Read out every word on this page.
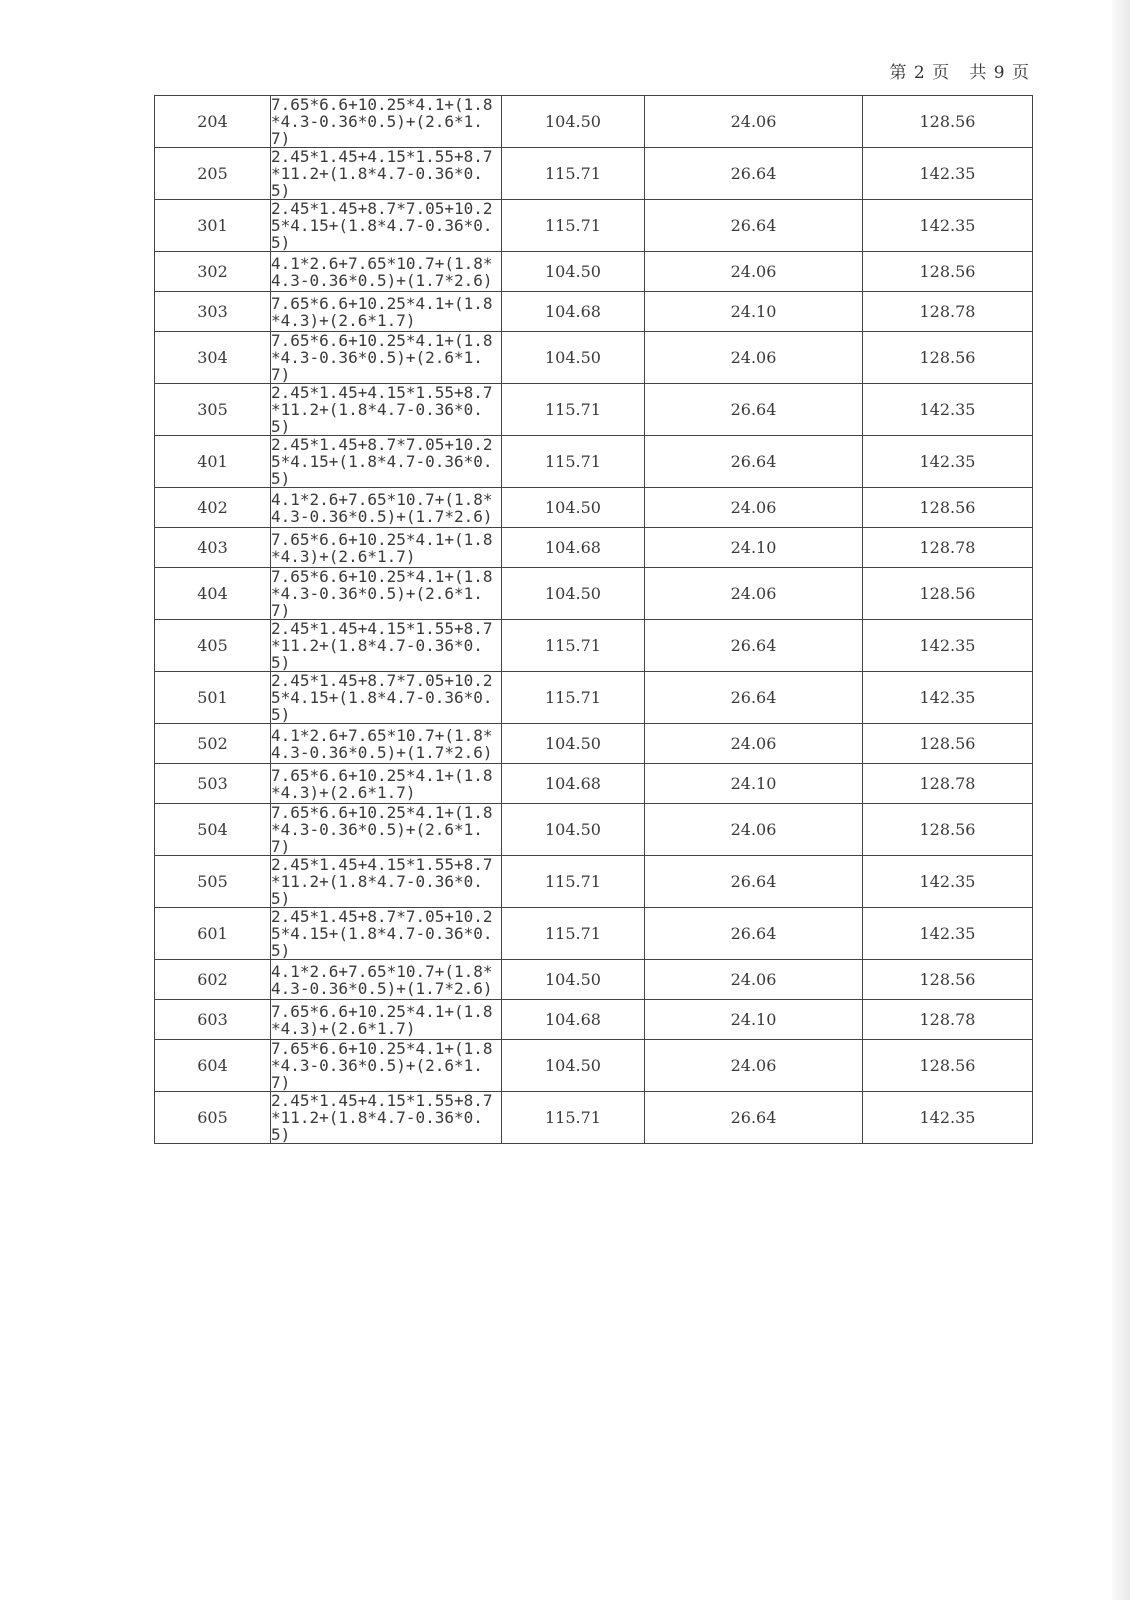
第 2 页 共 9 页
204	7.65*6.6+10.25*4.1+(1.8*4.3-0.36*0.5)+(2.6*1.7)	104.50	24.06	128.56
205	2.45*1.45+4.15*1.55+8.7*11.2+(1.8*4.7-0.36*0.5)	115.71	26.64	142.35
301	2.45*1.45+8.7*7.05+10.25*4.15+(1.8*4.7-0.36*0.5)	115.71	26.64	142.35
302	4.1*2.6+7.65*10.7+(1.8*4.3-0.36*0.5)+(1.7*2.6)	104.50	24.06	128.56
303	7.65*6.6+10.25*4.1+(1.8*4.3)+(2.6*1.7)	104.68	24.10	128.78
304	7.65*6.6+10.25*4.1+(1.8*4.3-0.36*0.5)+(2.6*1.7)	104.50	24.06	128.56
305	2.45*1.45+4.15*1.55+8.7*11.2+(1.8*4.7-0.36*0.5)	115.71	26.64	142.35
401	2.45*1.45+8.7*7.05+10.25*4.15+(1.8*4.7-0.36*0.5)	115.71	26.64	142.35
402	4.1*2.6+7.65*10.7+(1.8*4.3-0.36*0.5)+(1.7*2.6)	104.50	24.06	128.56
403	7.65*6.6+10.25*4.1+(1.8*4.3)+(2.6*1.7)	104.68	24.10	128.78
404	7.65*6.6+10.25*4.1+(1.8*4.3-0.36*0.5)+(2.6*1.7)	104.50	24.06	128.56
405	2.45*1.45+4.15*1.55+8.7*11.2+(1.8*4.7-0.36*0.5)	115.71	26.64	142.35
501	2.45*1.45+8.7*7.05+10.25*4.15+(1.8*4.7-0.36*0.5)	115.71	26.64	142.35
502	4.1*2.6+7.65*10.7+(1.8*4.3-0.36*0.5)+(1.7*2.6)	104.50	24.06	128.56
503	7.65*6.6+10.25*4.1+(1.8*4.3)+(2.6*1.7)	104.68	24.10	128.78
504	7.65*6.6+10.25*4.1+(1.8*4.3-0.36*0.5)+(2.6*1.7)	104.50	24.06	128.56
505	2.45*1.45+4.15*1.55+8.7*11.2+(1.8*4.7-0.36*0.5)	115.71	26.64	142.35
601	2.45*1.45+8.7*7.05+10.25*4.15+(1.8*4.7-0.36*0.5)	115.71	26.64	142.35
602	4.1*2.6+7.65*10.7+(1.8*4.3-0.36*0.5)+(1.7*2.6)	104.50	24.06	128.56
603	7.65*6.6+10.25*4.1+(1.8*4.3)+(2.6*1.7)	104.68	24.10	128.78
604	7.65*6.6+10.25*4.1+(1.8*4.3-0.36*0.5)+(2.6*1.7)	104.50	24.06	128.56
605	2.45*1.45+4.15*1.55+8.7*11.2+(1.8*4.7-0.36*0.5)	115.71	26.64	142.35
